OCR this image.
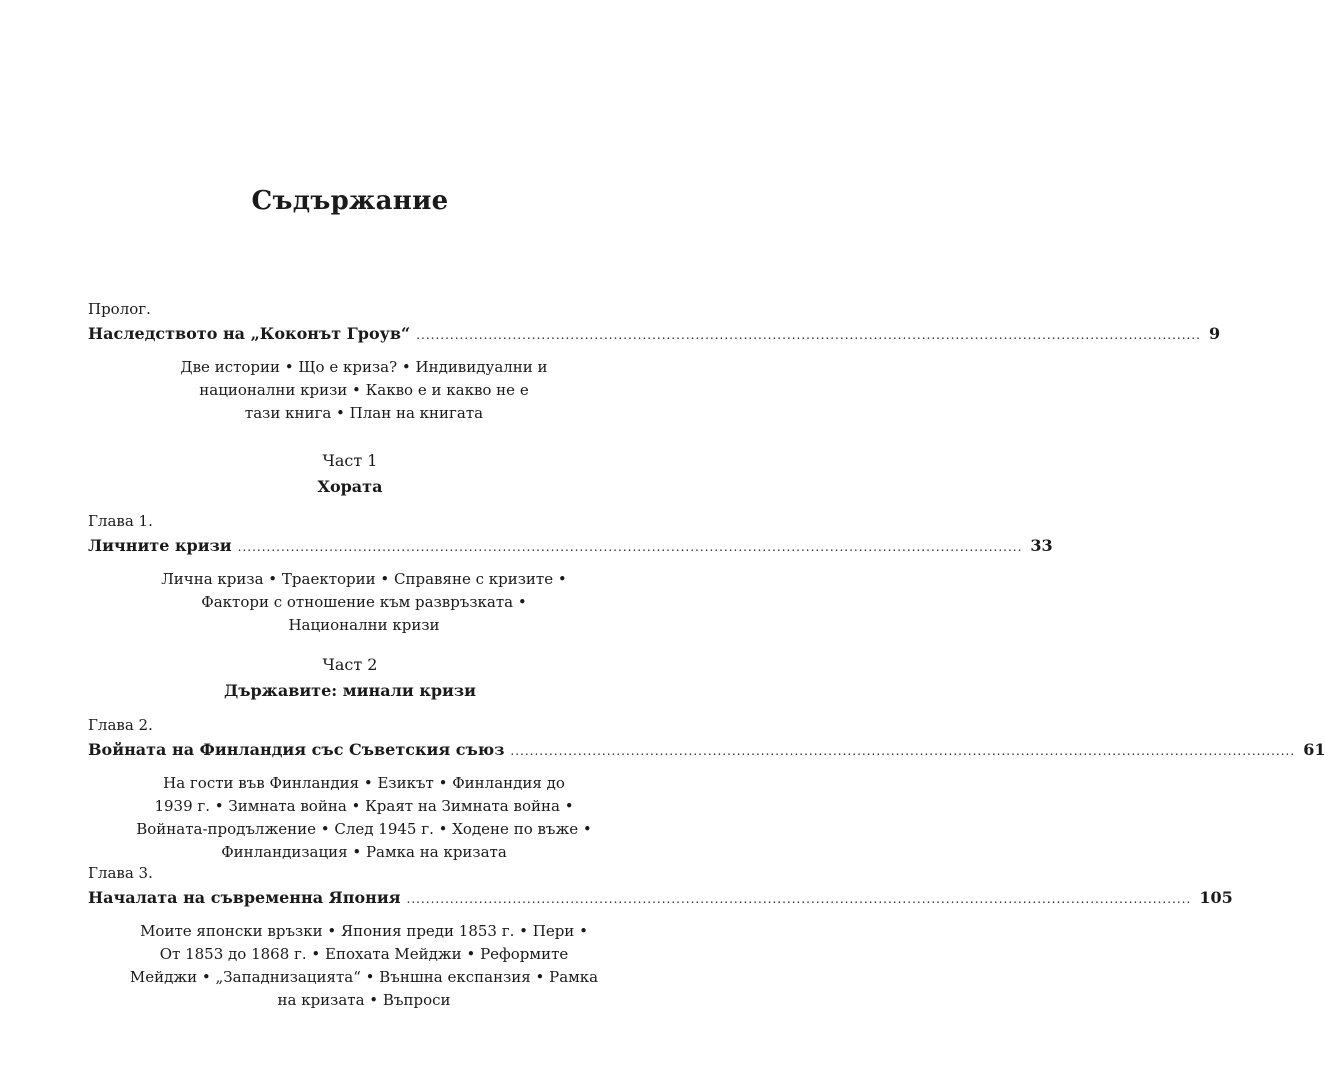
Съдържание

Пролог.

Наследството на „Коконът Гроув“ ................................................................................................................................................................... 9
Две истории • Що е криза? • Индивидуални и
национални кризи • Какво е и какво не е
тази книга • План на книгата
Част 1
Хората

Глава 1.

Личните кризи ................................................................................................................................................................... 33
Лична криза • Траектории • Справяне с кризите •
Фактори с отношение към развръзката •
Национални кризи
Част 2
Държавите: минали кризи

Глава 2.

Войната на Финландия със Съветския съюз ................................................................................................................................................................... 61
На гости във Финландия • Езикът • Финландия до
1939 г. • Зимната война • Краят на Зимната война •
Войната-продължение • След 1945 г. • Ходене по въже •
Финландизация • Рамка на кризата

Глава 3.

Началата на съвременна Япония ................................................................................................................................................................... 105
Моите японски връзки • Япония преди 1853 г. • Пери •
От 1853 до 1868 г. • Епохата Мейджи • Реформите
Мейджи • „Западнизацията“ • Външна експанзия • Рамка
на кризата • Въпроси
